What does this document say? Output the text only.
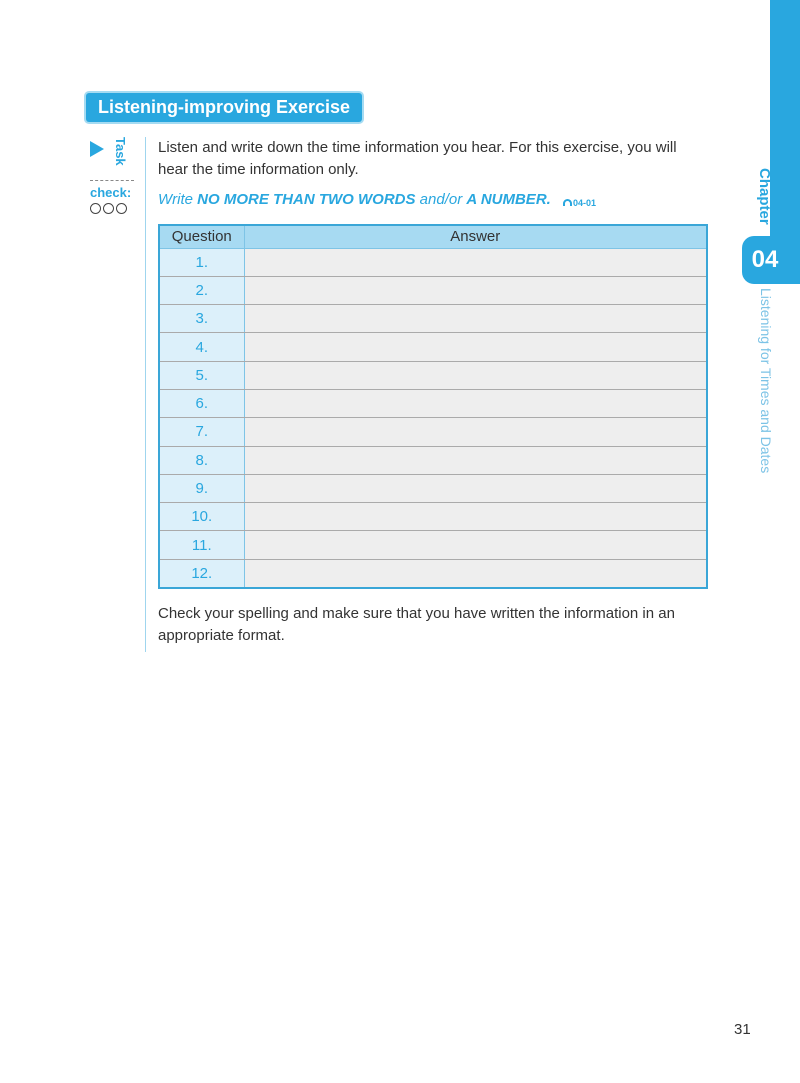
Chapter
04
Listening for Times and Dates
Listening-improving Exercise
Task
check:
Listen and write down the time information you hear. For this exercise, you will hear the time information only.
Write NO MORE THAN TWO WORDS and/or A NUMBER. 04-01
Question	Answer
1.	
2.	
3.	
4.	
5.	
6.	
7.	
8.	
9.	
10.	
11.	
12.	
Check your spelling and make sure that you have written the information in an appropriate format.
31
